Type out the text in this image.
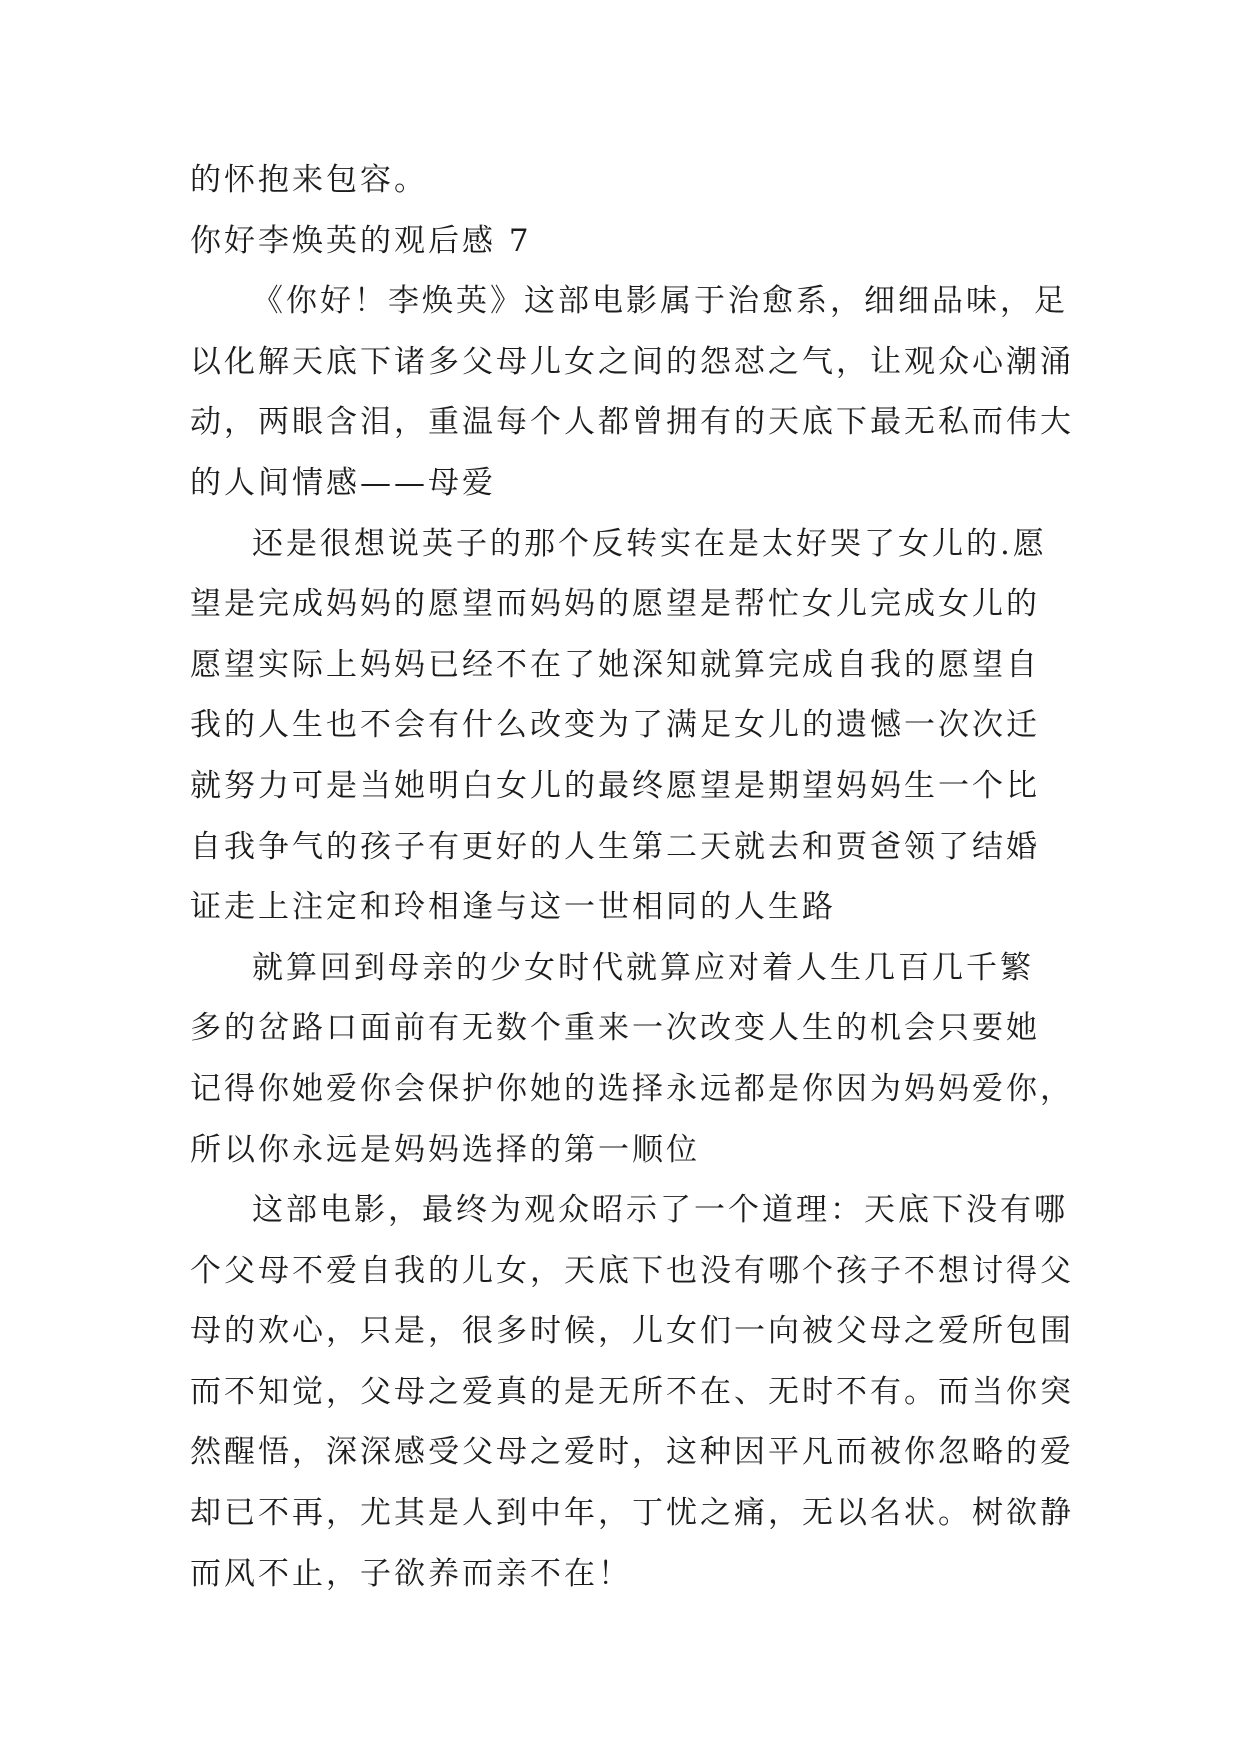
的怀抱来包容。

你好李焕英的观后感 7

《你好！李焕英》这部电影属于治愈系，细细品味，足

以化解天底下诸多父母儿女之间的怨怼之气，让观众心潮涌

动，两眼含泪，重温每个人都曾拥有的天底下最无私而伟大

的人间情感——母爱

还是很想说英子的那个反转实在是太好哭了女儿的.愿

望是完成妈妈的愿望而妈妈的愿望是帮忙女儿完成女儿的

愿望实际上妈妈已经不在了她深知就算完成自我的愿望自

我的人生也不会有什么改变为了满足女儿的遗憾一次次迁

就努力可是当她明白女儿的最终愿望是期望妈妈生一个比

自我争气的孩子有更好的人生第二天就去和贾爸领了结婚

证走上注定和玲相逢与这一世相同的人生路

就算回到母亲的少女时代就算应对着人生几百几千繁

多的岔路口面前有无数个重来一次改变人生的机会只要她

记得你她爱你会保护你她的选择永远都是你因为妈妈爱你，

所以你永远是妈妈选择的第一顺位

这部电影，最终为观众昭示了一个道理：天底下没有哪

个父母不爱自我的儿女，天底下也没有哪个孩子不想讨得父

母的欢心，只是，很多时候，儿女们一向被父母之爱所包围

而不知觉，父母之爱真的是无所不在、无时不有。而当你突

然醒悟，深深感受父母之爱时，这种因平凡而被你忽略的爱

却已不再，尤其是人到中年，丁忧之痛，无以名状。树欲静

而风不止，子欲养而亲不在！
